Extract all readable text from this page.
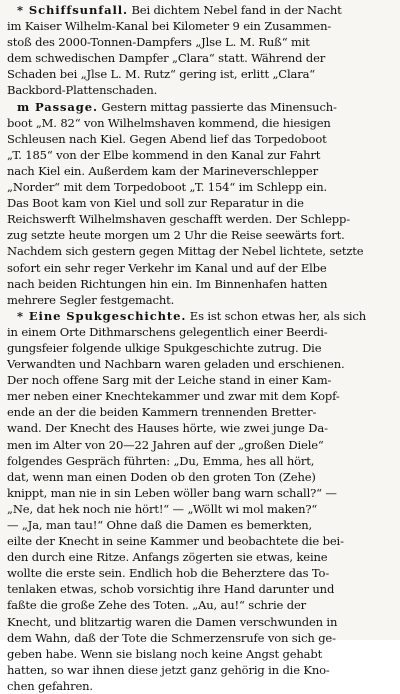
* Schiffsunfall. Bei dichtem Nebel fand in der Nacht
im Kaiser Wilhelm-Kanal bei Kilometer 9 ein Zusammen-
stoß des 2000-Tonnen-Dampfers „Jlse L. M. Ruß“ mit
dem schwedischen Dampfer „Clara“ statt. Während der
Schaden bei „Jlse L. M. Rutz“ gering ist, erlitt „Clara“
Backbord-Plattenschaden.
m Passage. Gestern mittag passierte das Minensuch-
boot „M. 82“ von Wilhelmshaven kommend, die hiesigen
Schleusen nach Kiel. Gegen Abend lief das Torpedoboot
„T. 185“ von der Elbe kommend in den Kanal zur Fahrt
nach Kiel ein. Außerdem kam der Marineverschlepper
„Norder“ mit dem Torpedoboot „T. 154“ im Schlepp ein.
Das Boot kam von Kiel und soll zur Reparatur in die
Reichswerft Wilhelmshaven geschafft werden. Der Schlepp-
zug setzte heute morgen um 2 Uhr die Reise seewärts fort.
Nachdem sich gestern gegen Mittag der Nebel lichtete, setzte
sofort ein sehr reger Verkehr im Kanal und auf der Elbe
nach beiden Richtungen hin ein. Im Binnenhafen hatten
mehrere Segler festgemacht.
* Eine Spukgeschichte. Es ist schon etwas her, als sich
in einem Orte Dithmarschens gelegentlich einer Beerdi-
gungsfeier folgende ulkige Spukgeschichte zutrug. Die
Verwandten und Nachbarn waren geladen und erschienen.
Der noch offene Sarg mit der Leiche stand in einer Kam-
mer neben einer Knechtekammer und zwar mit dem Kopf-
ende an der die beiden Kammern trennenden Bretter-
wand. Der Knecht des Hauses hörte, wie zwei junge Da-
men im Alter von 20—22 Jahren auf der „großen Diele“
folgendes Gespräch führten: „Du, Emma, hes all hört,
dat, wenn man einen Doden ob den groten Ton (Zehe)
knippt, man nie in sin Leben wöller bang warn schall?“ —
„Ne, dat hek noch nie hört!“ — „Wöllt wi mol maken?“
— „Ja, man tau!“ Ohne daß die Damen es bemerkten,
eilte der Knecht in seine Kammer und beobachtete die bei-
den durch eine Ritze. Anfangs zögerten sie etwas, keine
wollte die erste sein. Endlich hob die Beherztere das To-
tenlaken etwas, schob vorsichtig ihre Hand darunter und
faßte die große Zehe des Toten. „Au, au!“ schrie der
Knecht, und blitzartig waren die Damen verschwunden in
dem Wahn, daß der Tote die Schmerzensrufe von sich ge-
geben habe. Wenn sie bislang noch keine Angst gehabt
hatten, so war ihnen diese jetzt ganz gehörig in die Kno-
chen gefahren.
